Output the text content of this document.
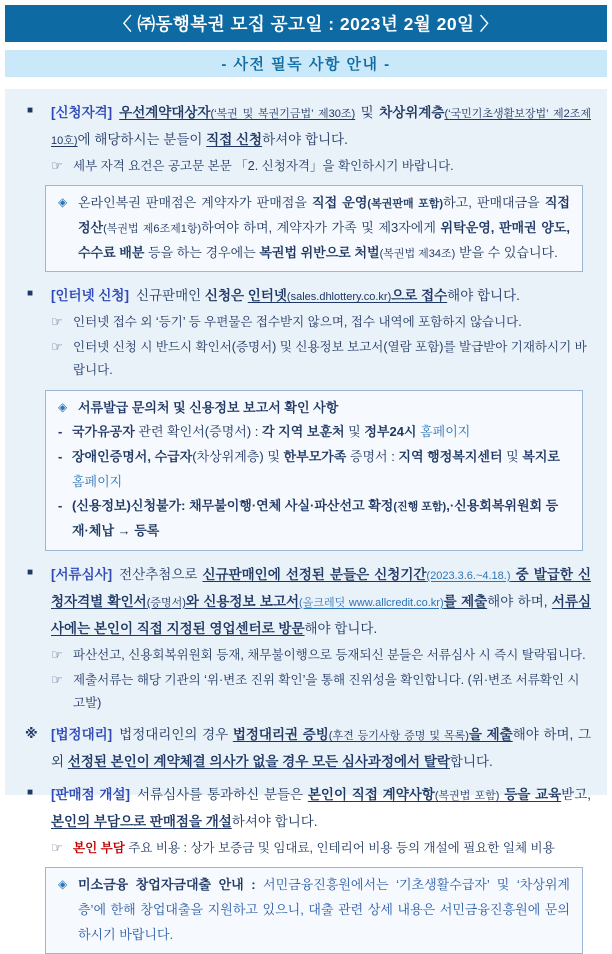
〈 ㈜동행복권 모집 공고일 : 2023년 2월 20일 〉
- 사전 필독 사항 안내 -
■ [신청자격] 우선계약대상자(‘복권 및 복권기금법’ 제30조) 및 차상위계층(‘국민기초생활보장법’ 제2조제10호)에 해당하시는 분들이 직접 신청하셔야 합니다.
☞ 세부 자격 요건은 공고문 본문 「2. 신청자격」을 확인하시기 바랍니다.
◈ 온라인복권 판매점은 계약자가 판매점을 직접 운영(복권판매 포함)하고, 판매대금을 직접 정산(복권법 제6조제1항)하여야 하며, 계약자가 가족 및 제3자에게 위탁운영, 판매권 양도, 수수료 배분 등을 하는 경우에는 복권법 위반으로 처벌(복권법 제34조) 받을 수 있습니다.
■ [인터넷 신청] 신규판매인 신청은 인터넷(sales.dhlottery.co.kr)으로 접수해야 합니다.
☞ 인터넷 접수 외 ‘등기’ 등 우편물은 접수받지 않으며, 접수 내역에 포함하지 않습니다.
☞ 인터넷 신청 시 반드시 확인서(증명서) 및 신용정보 보고서(열람 포함)를 발급받아 기재하시기 바랍니다.
◈ 서류발급 문의처 및 신용정보 보고서 확인 사항
- 국가유공자 관련 확인서(증명서) : 각 지역 보훈처 및 정부24시 홈페이지
- 장애인증명서, 수급자(차상위계층) 및 한부모가족 증명서 : 지역 행정복지센터 및 복지로 홈페이지
- (신용정보)신청불가: 채무불이행·연체 사실·파산선고 확정(진행 포함),·신용회복위원회 등재·체납 → 등록
■ [서류심사] 전산추첨으로 신규판매인에 선정된 분들은 신청기간(2023.3.6.~4.18.) 중 발급한 신청자격별 확인서(증명서)와 신용정보 보고서(올크레딧 www.allcredit.co.kr)를 제출해야 하며, 서류심사에는 본인이 직접 지정된 영업센터로 방문해야 합니다.
☞ 파산선고, 신용회복위원회 등재, 채무불이행으로 등재되신 분들은 서류심사 시 즉시 탈락됩니다.
☞ 제출서류는 해당 기관의 ‘위·변조 진위 확인’을 통해 진위성을 확인합니다. (위·변조 서류확인 시 고발)
※ [법정대리] 법정대리인의 경우 법정대리권 증빙(후견 등기사항 증명 및 목록)을 제출해야 하며, 그 외 선정된 본인이 계약체결 의사가 없을 경우 모든 심사과정에서 탈락합니다.
■ [판매점 개설] 서류심사를 통과하신 분들은 본인이 직접 계약사항(복권법 포함) 등을 교육받고, 본인의 부담으로 판매점을 개설하셔야 합니다.
☞ 본인 부담 주요 비용 : 상가 보증금 및 임대료, 인테리어 비용 등의 개설에 필요한 일체 비용
◈ 미소금융 창업자금대출 안내 : 서민금융진흥원에서는 ‘기초생활수급자’ 및 ‘차상위계층’에 한해 창업대출을 지원하고 있으니, 대출 관련 상세 내용은 서민금융진흥원에 문의하시기 바랍니다.
